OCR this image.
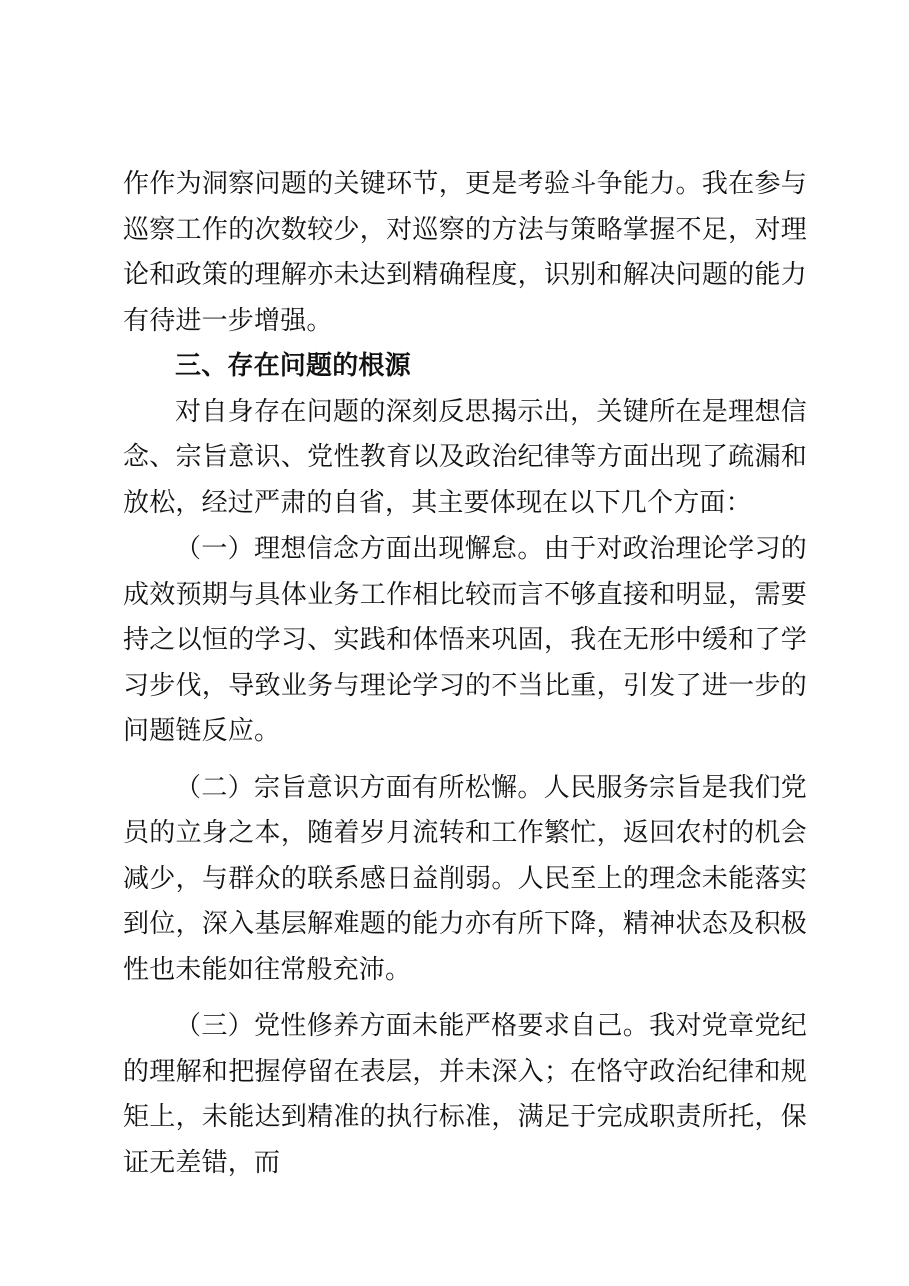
作作为洞察问题的关键环节，更是考验斗争能力。我在参与巡察工作的次数较少，对巡察的方法与策略掌握不足，对理论和政策的理解亦未达到精确程度，识别和解决问题的能力有待进一步增强。

三、存在问题的根源

对自身存在问题的深刻反思揭示出，关键所在是理想信念、宗旨意识、党性教育以及政治纪律等方面出现了疏漏和放松，经过严肃的自省，其主要体现在以下几个方面：

（一）理想信念方面出现懈怠。由于对政治理论学习的成效预期与具体业务工作相比较而言不够直接和明显，需要持之以恒的学习、实践和体悟来巩固，我在无形中缓和了学习步伐，导致业务与理论学习的不当比重，引发了进一步的问题链反应。

（二）宗旨意识方面有所松懈。人民服务宗旨是我们党员的立身之本，随着岁月流转和工作繁忙，返回农村的机会减少，与群众的联系感日益削弱。人民至上的理念未能落实到位，深入基层解难题的能力亦有所下降，精神状态及积极性也未能如往常般充沛。

（三）党性修养方面未能严格要求自己。我对党章党纪的理解和把握停留在表层，并未深入；在恪守政治纪律和规矩上，未能达到精准的执行标准，满足于完成职责所托，保证无差错，而
